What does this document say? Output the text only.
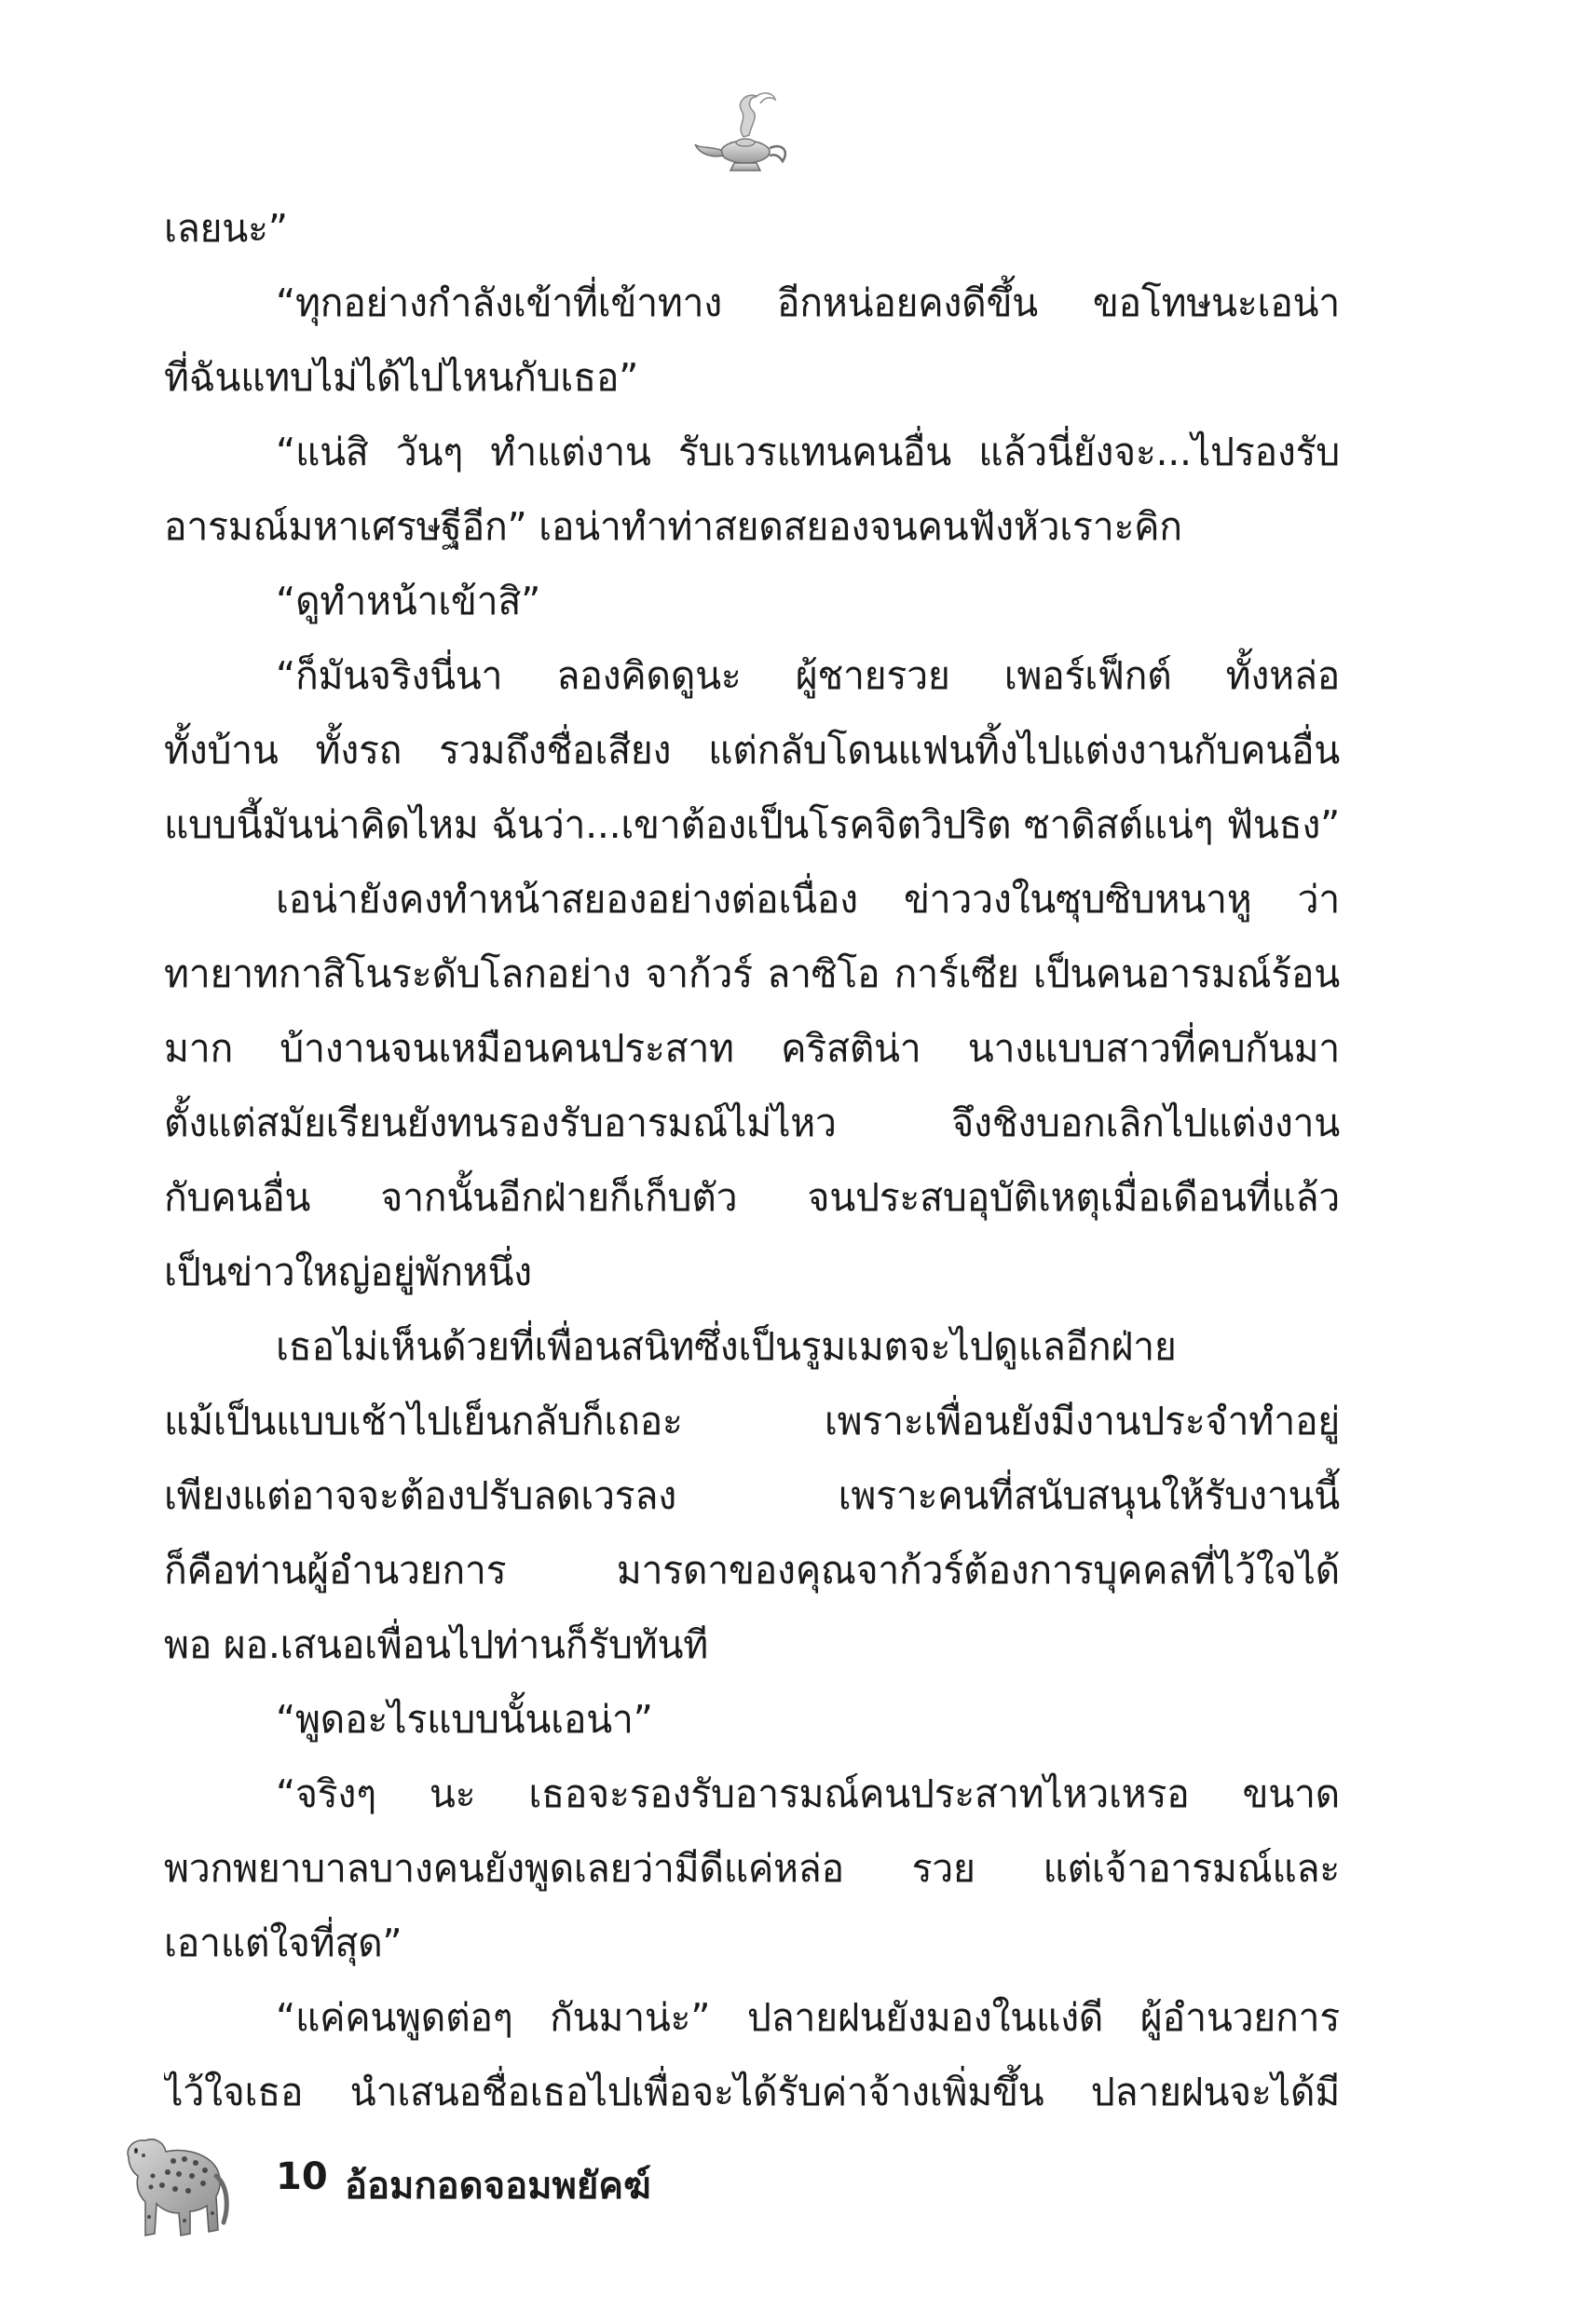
เลยนะ”
“ทุกอย่างกำลังเข้าที่เข้าทาง อีกหน่อยคงดีขึ้น ขอโทษนะเอน่า
ที่ฉันแทบไม่ได้ไปไหนกับเธอ”
“แน่สิ วันๆ ทำแต่งาน รับเวรแทนคนอื่น แล้วนี่ยังจะ...ไปรองรับ
อารมณ์มหาเศรษฐีอีก” เอน่าทำท่าสยดสยองจนคนฟังหัวเราะคิก
“ดูทำหน้าเข้าสิ”
“ก็มันจริงนี่นา ลองคิดดูนะ ผู้ชายรวย เพอร์เฟ็กต์ ทั้งหล่อ
ทั้งบ้าน ทั้งรถ รวมถึงชื่อเสียง แต่กลับโดนแฟนทิ้งไปแต่งงานกับคนอื่น
แบบนี้มันน่าคิดไหม ฉันว่า...เขาต้องเป็นโรคจิตวิปริต ซาดิสต์แน่ๆ ฟันธง”
เอน่ายังคงทำหน้าสยองอย่างต่อเนื่อง ข่าววงในซุบซิบหนาหู ว่า
ทายาทกาสิโนระดับโลกอย่าง จาก้วร์ ลาซิโอ การ์เซีย เป็นคนอารมณ์ร้อน
มาก บ้างานจนเหมือนคนประสาท คริสติน่า นางแบบสาวที่คบกันมา
ตั้งแต่สมัยเรียนยังทนรองรับอารมณ์ไม่ไหว จึงชิงบอกเลิกไปแต่งงาน
กับคนอื่น จากนั้นอีกฝ่ายก็เก็บตัว จนประสบอุบัติเหตุเมื่อเดือนที่แล้ว
เป็นข่าวใหญ่อยู่พักหนึ่ง
เธอไม่เห็นด้วยที่เพื่อนสนิทซึ่งเป็นรูมเมตจะไปดูแลอีกฝ่าย
แม้เป็นแบบเช้าไปเย็นกลับก็เถอะ เพราะเพื่อนยังมีงานประจำทำอยู่
เพียงแต่อาจจะต้องปรับลดเวรลง เพราะคนที่สนับสนุนให้รับงานนี้
ก็คือท่านผู้อำนวยการ มารดาของคุณจาก้วร์ต้องการบุคคลที่ไว้ใจได้
พอ ผอ.เสนอเพื่อนไปท่านก็รับทันที
“พูดอะไรแบบนั้นเอน่า”
“จริงๆ นะ เธอจะรองรับอารมณ์คนประสาทไหวเหรอ ขนาด
พวกพยาบาลบางคนยังพูดเลยว่ามีดีแค่หล่อ รวย แต่เจ้าอารมณ์และ
เอาแต่ใจที่สุด”
“แค่คนพูดต่อๆ กันมาน่ะ” ปลายฝนยังมองในแง่ดี ผู้อำนวยการ
ไว้ใจเธอ นำเสนอชื่อเธอไปเพื่อจะได้รับค่าจ้างเพิ่มขึ้น ปลายฝนจะได้มี
10 อ้อมกอดจอมพยัคฆ์
